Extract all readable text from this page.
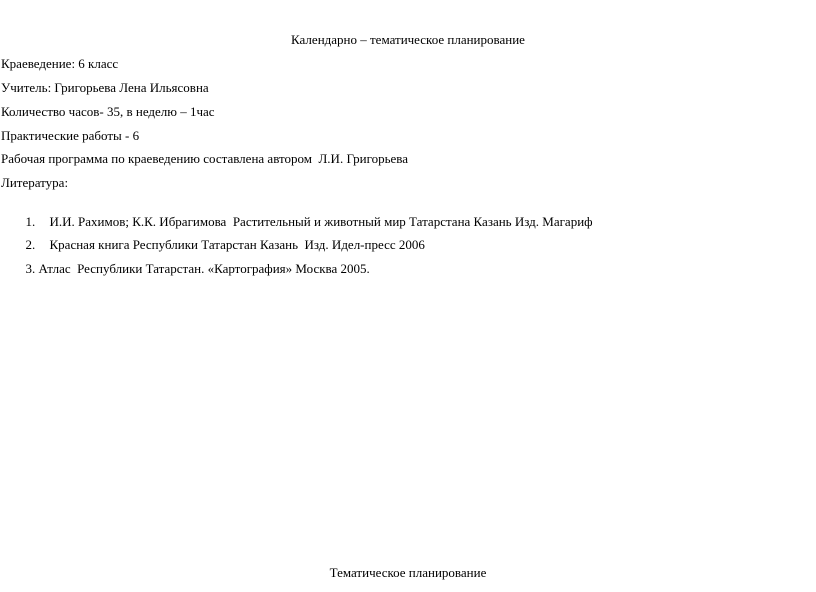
Календарно – тематическое планирование
Краеведение: 6 класс
Учитель: Григорьева Лена Ильясовна
Количество часов- 35, в неделю – 1час
Практические работы - 6
Рабочая программа по краеведению составлена автором  Л.И. Григорьева
Литература:

1. И.И. Рахимов; К.К. Ибрагимова  Растительный и животный мир Татарстана Казань Изд. Магариф

2. Красная книга Республики Татарстан Казань  Изд. Идел-пресс 2006

3. Атлас  Республики Татарстан. «Картография» Москва 2005.

Тематическое планирование
